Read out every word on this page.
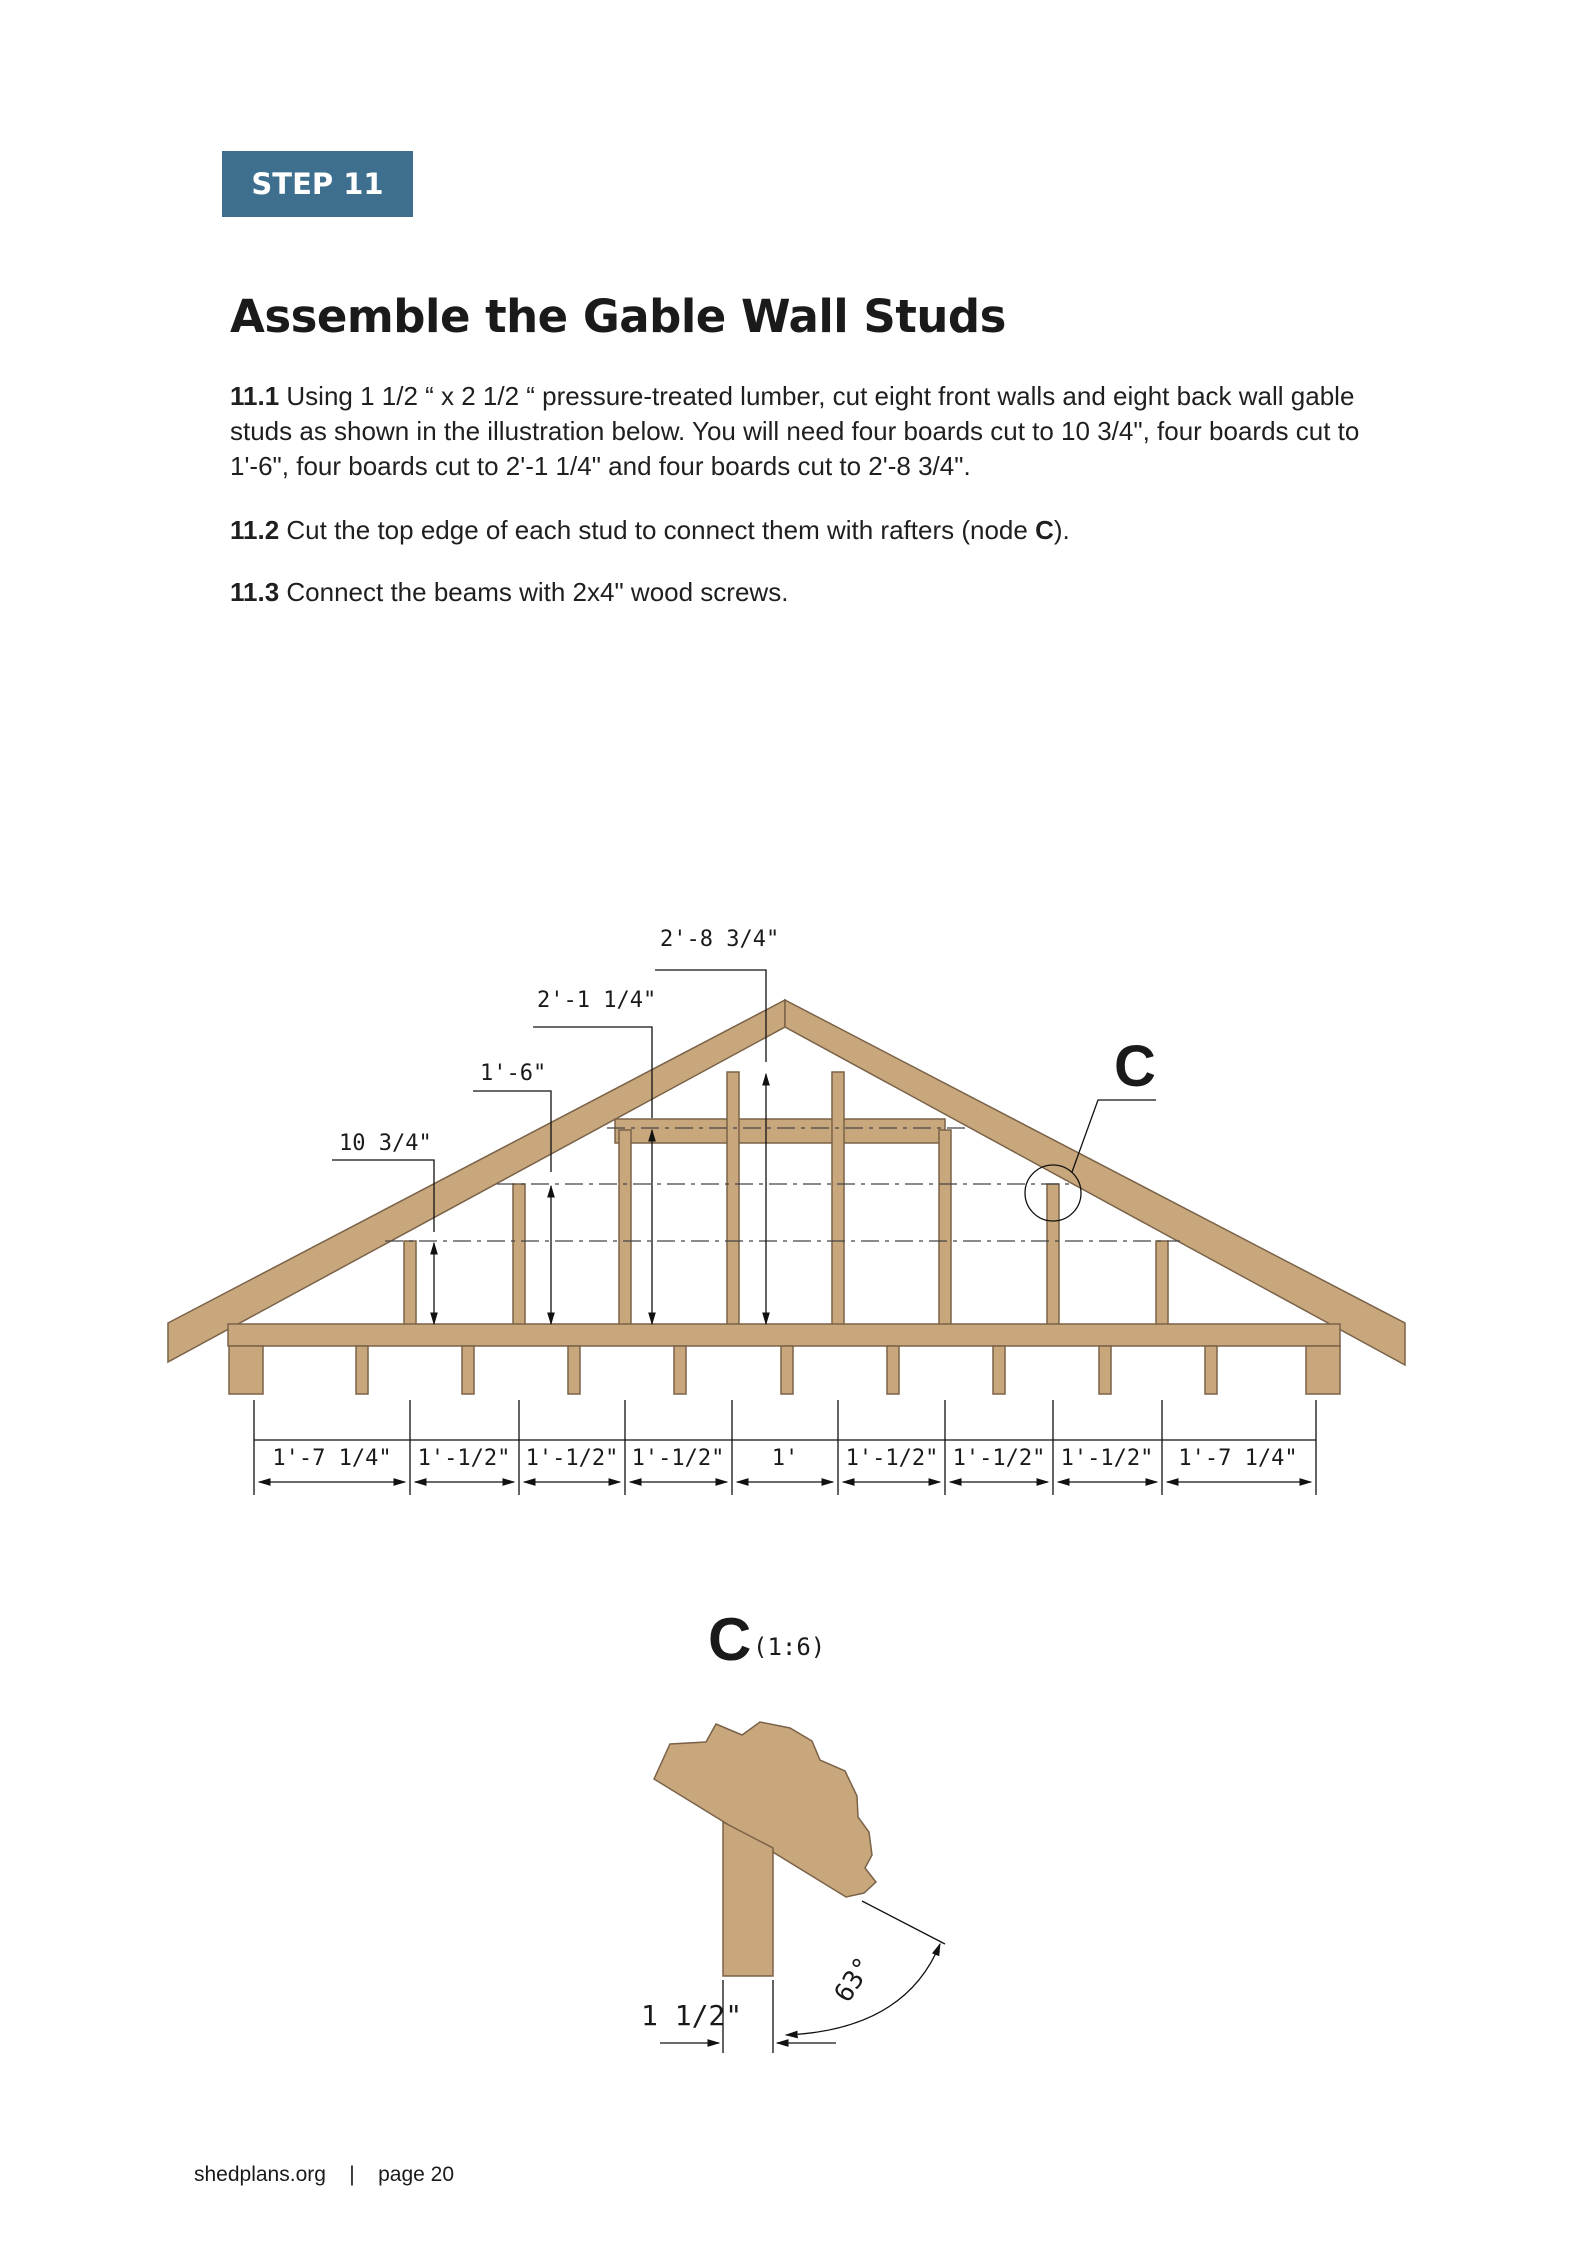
STEP 11
Assemble the Gable Wall Studs

11.1 Using 1 1/2 “ x 2 1/2 “ pressure-treated lumber, cut eight front walls and eight back wall gable studs as shown in the illustration below. You will need four boards cut to 10 3/4", four boards cut to 1'-6", four boards cut to 2'-1 1/4" and four boards cut to 2'-8 3/4".

11.2 Cut the top edge of each stud to connect them with rafters (node C).

11.3 Connect the beams with 2x4" wood screws.

10 3/4"
1'-6"
2'-1 1/4"
2'-8 3/4"
C
1'-7 1/4" 1'-1/2" 1'-1/2" 1'-1/2" 1' 1'-1/2" 1'-1/2" 1'-1/2" 1'-7 1/4"
C (1:6)
1 1/2"
63°
shedplans.org | page 20
